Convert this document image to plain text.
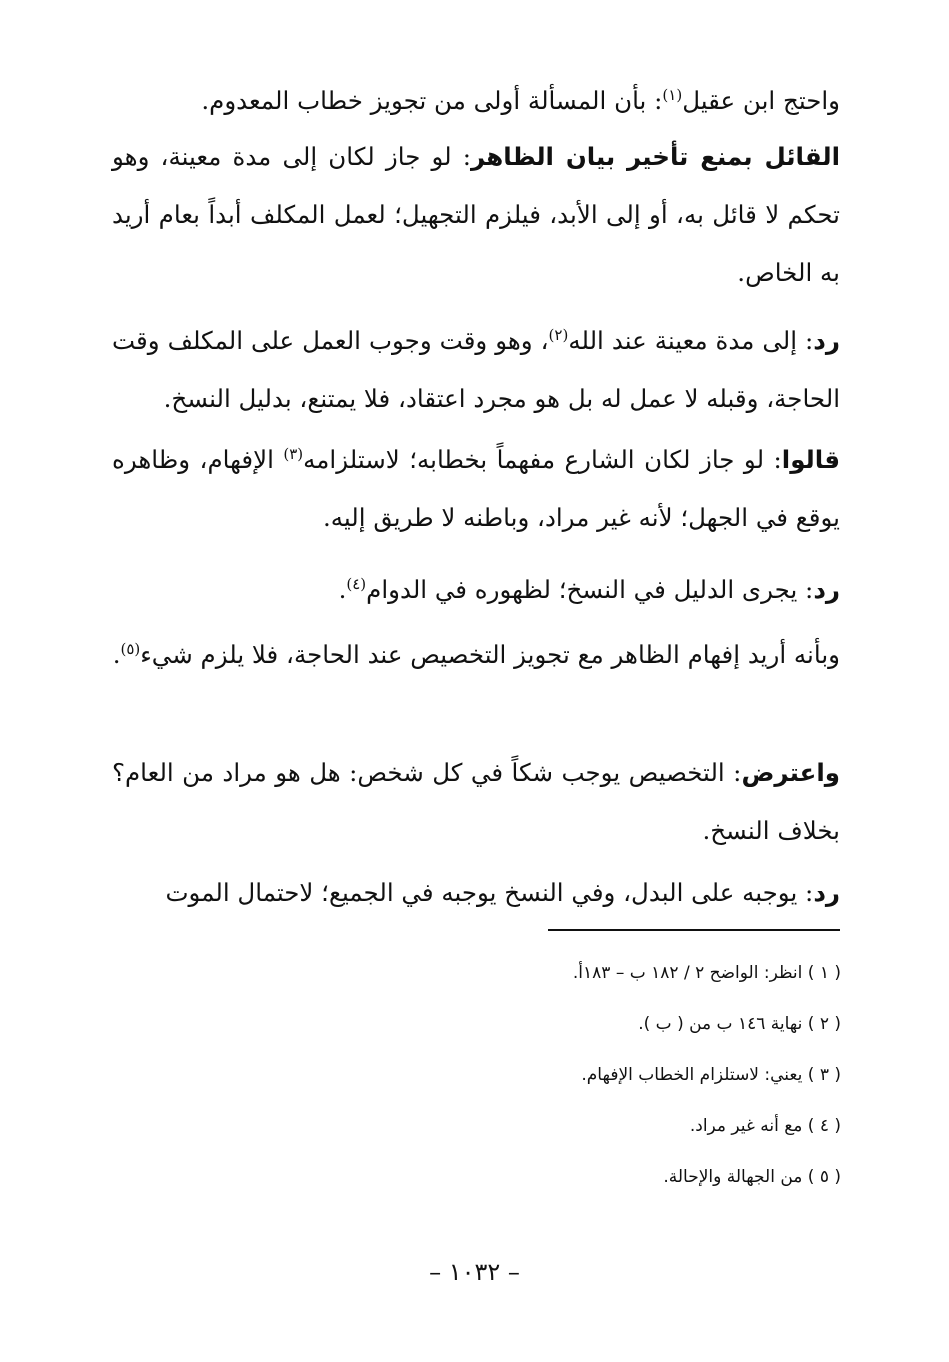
واحتج ابن عقيل$^{(١)}$: بأن المسألة أولى من تجويز خطاب المعدوم.

القائل بمنع تأخير بيان الظاهر: لو جاز لكان إلى مدة معينة، وهو تحكم لا قائل به، أو إلى الأبد، فيلزم التجهيل؛ لعمل المكلف أبداً بعام أريد به الخاص.

رد: إلى مدة معينة عند الله$^{(٢)}$، وهو وقت وجوب العمل على المكلف وقت الحاجة، وقبله لا عمل له بل هو مجرد اعتقاد، فلا يمتنع، بدليل النسخ.

قالوا: لو جاز لكان الشارع مفهماً بخطابه؛ لاستلزامه$^{(٣)}$ الإفهام، وظاهره يوقع في الجهل؛ لأنه غير مراد، وباطنه لا طريق إليه.

رد: يجرى الدليل في النسخ؛ لظهوره في الدوام$^{(٤)}$.

وبأنه أريد إفهام الظاهر مع تجويز التخصيص عند الحاجة، فلا يلزم شيء$^{(٥)}$.

واعترض: التخصيص يوجب شكاً في كل شخص: هل هو مراد من العام؟ بخلاف النسخ.

رد: يوجبه على البدل، وفي النسخ يوجبه في الجميع؛ لاحتمال الموت

( ١ ) انظر: الواضح ٢ / ١٨٢ ب – ١٨٣أ.
( ٢ ) نهاية ١٤٦ ب من ( ب ).
( ٣ ) يعني: لاستلزام الخطاب الإفهام.
( ٤ ) مع أنه غير مراد.
( ٥ ) من الجهالة والإحالة.
– ١٠٣٢ –
